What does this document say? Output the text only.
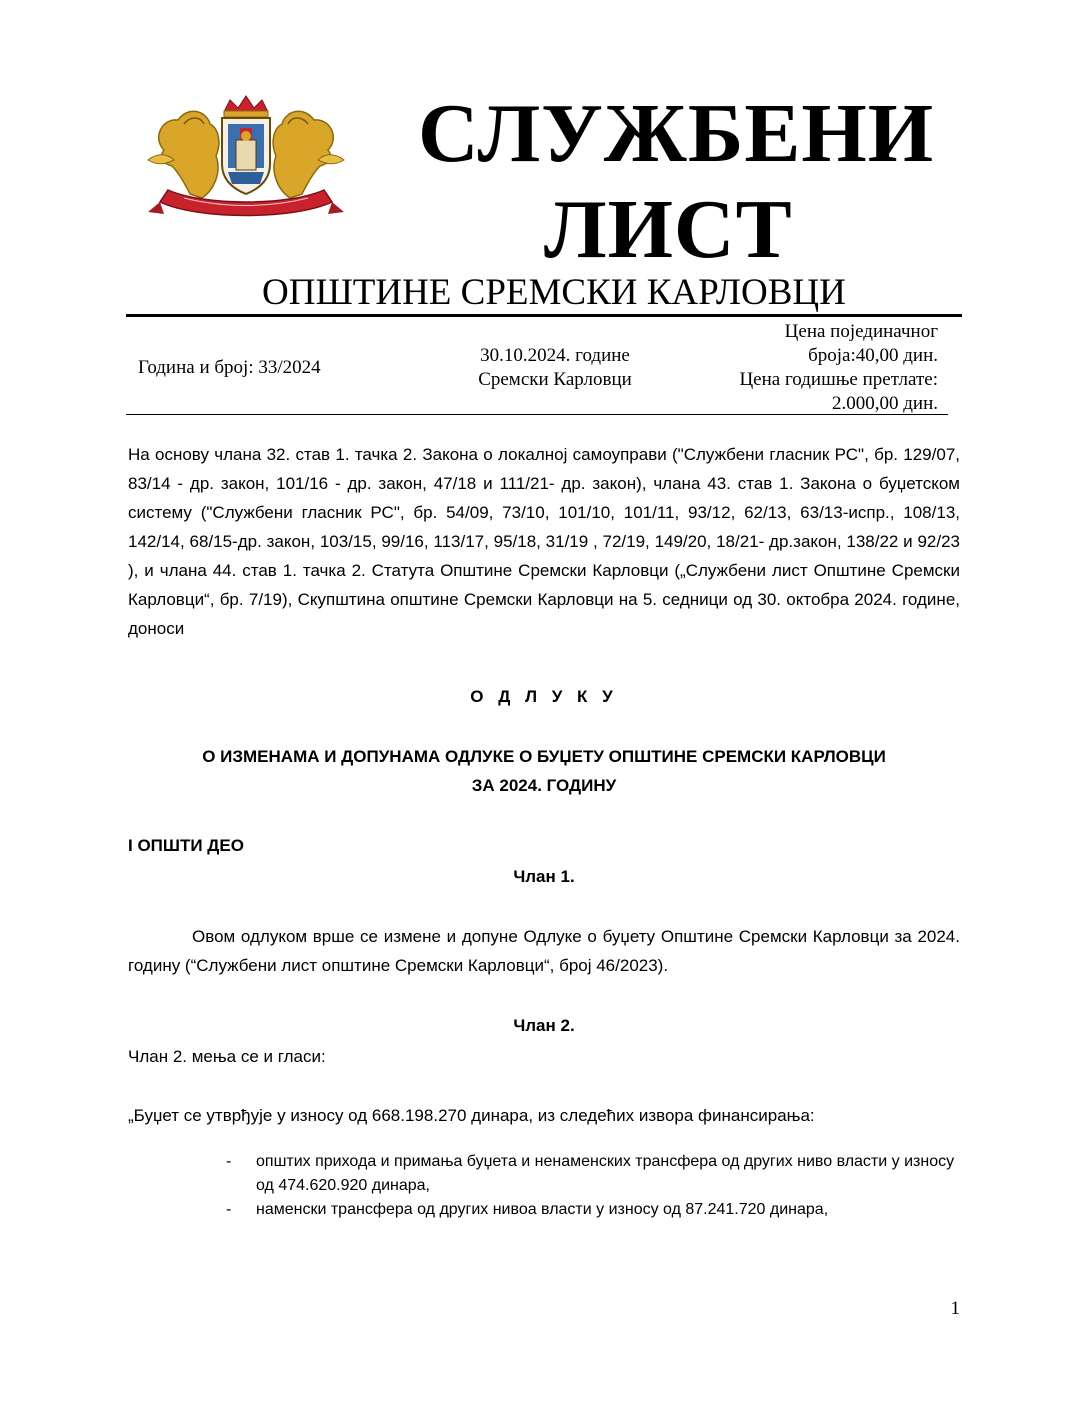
СЛУЖБЕНИ
ЛИСТ
ОПШТИНЕ СРЕМСКИ КАРЛОВЦИ
Година и број: 33/2024
30.10.2024. године
Сремски Карловци
Цена појединачног
броја:40,00 дин.
Цена годишње претлате:
2.000,00 дин.
На основу члана 32. став 1. тачка 2. Закона о локалној самоуправи ("Службени гласник РС", бр. 129/07, 83/14 - др. закон, 101/16 - др. закон, 47/18 и 111/21- др. закон), члана 43. став 1. Закона о буџетском систему ("Службени гласник РС", бр. 54/09, 73/10, 101/10, 101/11, 93/12, 62/13, 63/13-испр., 108/13, 142/14, 68/15-др. закон, 103/15, 99/16, 113/17, 95/18, 31/19 , 72/19, 149/20, 18/21- др.закон, 138/22 и 92/23 ), и члана 44. став 1. тачка 2. Статута Општине Сремски Карловци („Службени лист Општине Сремски Карловци“, бр. 7/19), Скупштина општине Сремски Карловци на 5. седници од 30. октобра 2024. године, доноси
О Д Л У К У
О ИЗМЕНАМА И ДОПУНАМА ОДЛУКЕ О БУЏЕТУ ОПШТИНЕ СРЕМСКИ КАРЛОВЦИ
ЗА 2024. ГОДИНУ
I ОПШТИ ДЕО
Члан 1.
Овом одлуком врше се измене и допуне Одлуке о буџету Општине Сремски Карловци за 2024. годину (“Службени лист општине Сремски Карловци“, број 46/2023).
Члан 2.
Члан 2. мења се и гласи:
„Буџет се утврђује у износу од 668.198.270 динара, из следећих извора финансирања:
- општих прихода и примања буџета и ненаменских трансфера од других ниво власти у износу од 474.620.920 динара,
- наменски трансфера од других нивоа власти у износу од 87.241.720 динара,
1
